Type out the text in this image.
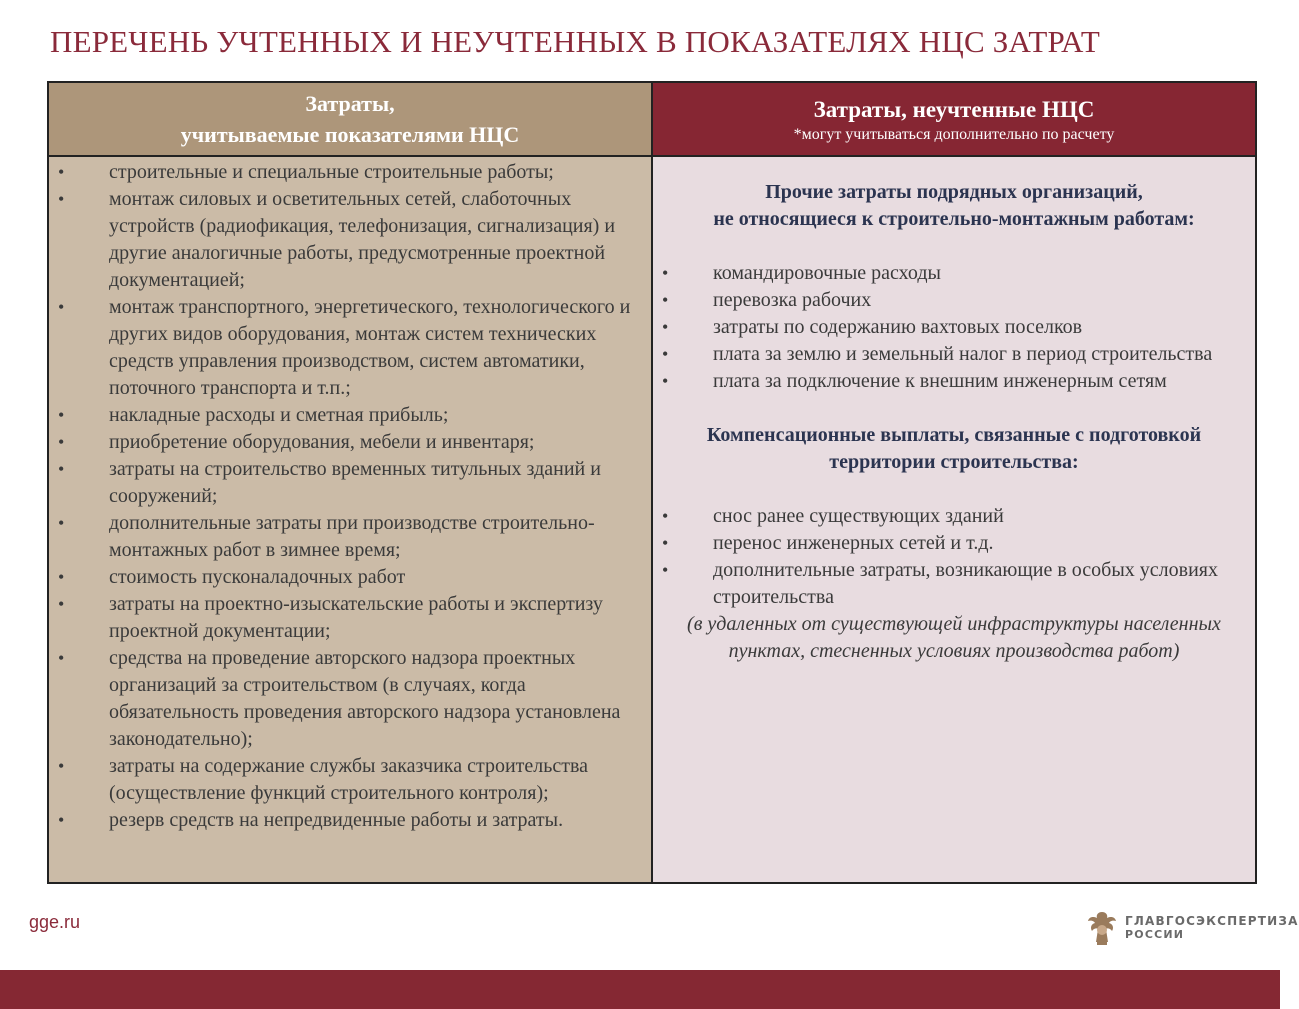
ПЕРЕЧЕНЬ УЧТЕННЫХ И НЕУЧТЕННЫХ В ПОКАЗАТЕЛЯХ НЦС ЗАТРАТ
Затраты,
учитываемые показателями НЦС
Затраты, неучтенные НЦС
*могут учитываться дополнительно по расчету
• строительные и специальные строительные работы;
• монтаж силовых и осветительных сетей, слаботочных устройств (радиофикация, телефонизация, сигнализация) и другие аналогичные работы, предусмотренные проектной документацией;
• монтаж транспортного, энергетического, технологического и других видов оборудования, монтаж систем технических средств управления производством, систем автоматики, поточного транспорта и т.п.;
• накладные расходы и сметная прибыль;
• приобретение оборудования, мебели и инвентаря;
• затраты на строительство временных титульных зданий и сооружений;
• дополнительные затраты при производстве строительно-монтажных работ в зимнее время;
• стоимость пусконаладочных работ
• затраты на проектно-изыскательские работы и экспертизу проектной документации;
• средства на проведение авторского надзора проектных организаций за строительством (в случаях, когда обязательность проведения авторского надзора установлена законодательно);
• затраты на содержание службы заказчика строительства (осуществление функций строительного контроля);
• резерв средств на непредвиденные работы и затраты.
Прочие затраты подрядных организаций,
не относящиеся к строительно-монтажным работам:
• командировочные расходы
• перевозка рабочих
• затраты по содержанию вахтовых поселков
• плата за землю и земельный налог в период строительства
• плата за подключение к внешним инженерным сетям
Компенсационные выплаты, связанные с подготовкой
территории строительства:
• снос ранее существующих зданий
• перенос инженерных сетей и т.д.
• дополнительные затраты, возникающие в особых условиях строительства
(в удаленных от существующей инфраструктуры населенных пунктах, стесненных условиях производства работ)
gge.ru	ГЛАВГОСЭКСПЕРТИЗА
РОССИИ
